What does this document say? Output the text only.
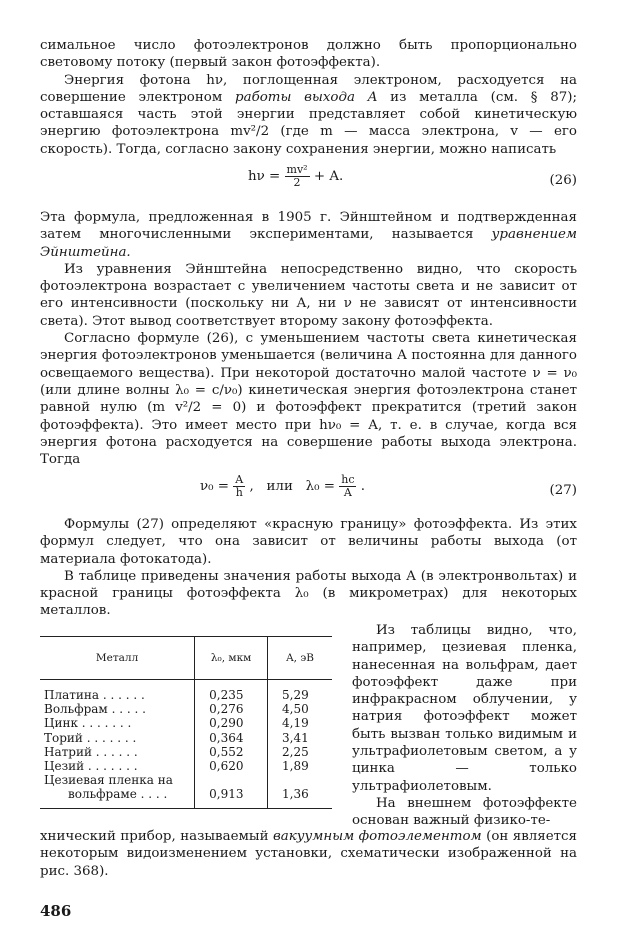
симальное число фотоэлектронов должно быть пропорционально световому потоку (первый закон фотоэффекта).

Энергия фотона hν, поглощенная электроном, расходуется на совершение электроном работы выхода A из металла (см. § 87); оставшаяся часть этой энергии представляет собой кинетическую энергию фотоэлектрона mv²/2 (где m — масса электрона, v — его скорость). Тогда, согласно закону сохранения энергии, можно написать

$h\nu = \frac{\text{mv²}}{2} + A$.	(26)

Эта формула, предложенная в 1905 г. Эйнштейном и подтвержденная затем многочисленными экспериментами, называется уравнением Эйнштейна.

Из уравнения Эйнштейна непосредственно видно, что скорость фотоэлектрона возрастает с увеличением частоты света и не зависит от его интенсивности (поскольку ни A, ни ν не зависят от интенсивности света). Этот вывод соответствует второму закону фотоэффекта.

Согласно формуле (26), с уменьшением частоты света кинетическая энергия фотоэлектронов уменьшается (величина A постоянна для данного освещаемого вещества). При некоторой достаточно малой частоте ν = ν₀ (или длине волны λ₀ = c/ν₀) кинетическая энергия фотоэлектрона станет равной нулю (m v²/2 = 0) и фотоэффект прекратится (третий закон фотоэффекта). Это имеет место при hν₀ = A, т. е. в случае, когда вся энергия фотона расходуется на совершение работы выхода электрона. Тогда

$\nu_0 = \frac{A}{h}$ ,   или   $\lambda_0 = \frac{hc}{A}$ .	(27)

Формулы (27) определяют «красную границу» фотоэффекта. Из этих формул следует, что она зависит от величины работы выхода (от материала фотокатода).

В таблице приведены значения работы выхода A (в электронвольтах) и красной границы фотоэффекта λ₀ (в микрометрах) для некоторых металлов.

Металл	λ₀, мкм	A, эВ
Платина . . . . . .	0,235	5,29
Вольфрам . . . . .	0,276	4,50
Цинк . . . . . . .	0,290	4,19
Торий . . . . . . .	0,364	3,41
Натрий . . . . . .	0,552	2,25
Цезий . . . . . . .	0,620	1,89
Цезиевая пленка на		
вольфраме . . . .	0,913	1,36

Из таблицы видно, что, например, цезиевая пленка, нанесенная на вольфрам, дает фотоэффект даже при инфракрасном облучении, у натрия фотоэффект может быть вызван только видимым и ультрафиолетовым светом, а у цинка — только ультрафиолетовым.

На внешнем фотоэффекте основан важный физико-те-

хнический прибор, называемый вакуумным фотоэлементом (он является некоторым видоизменением установки, схематически изображенной на рис. 368).

486
